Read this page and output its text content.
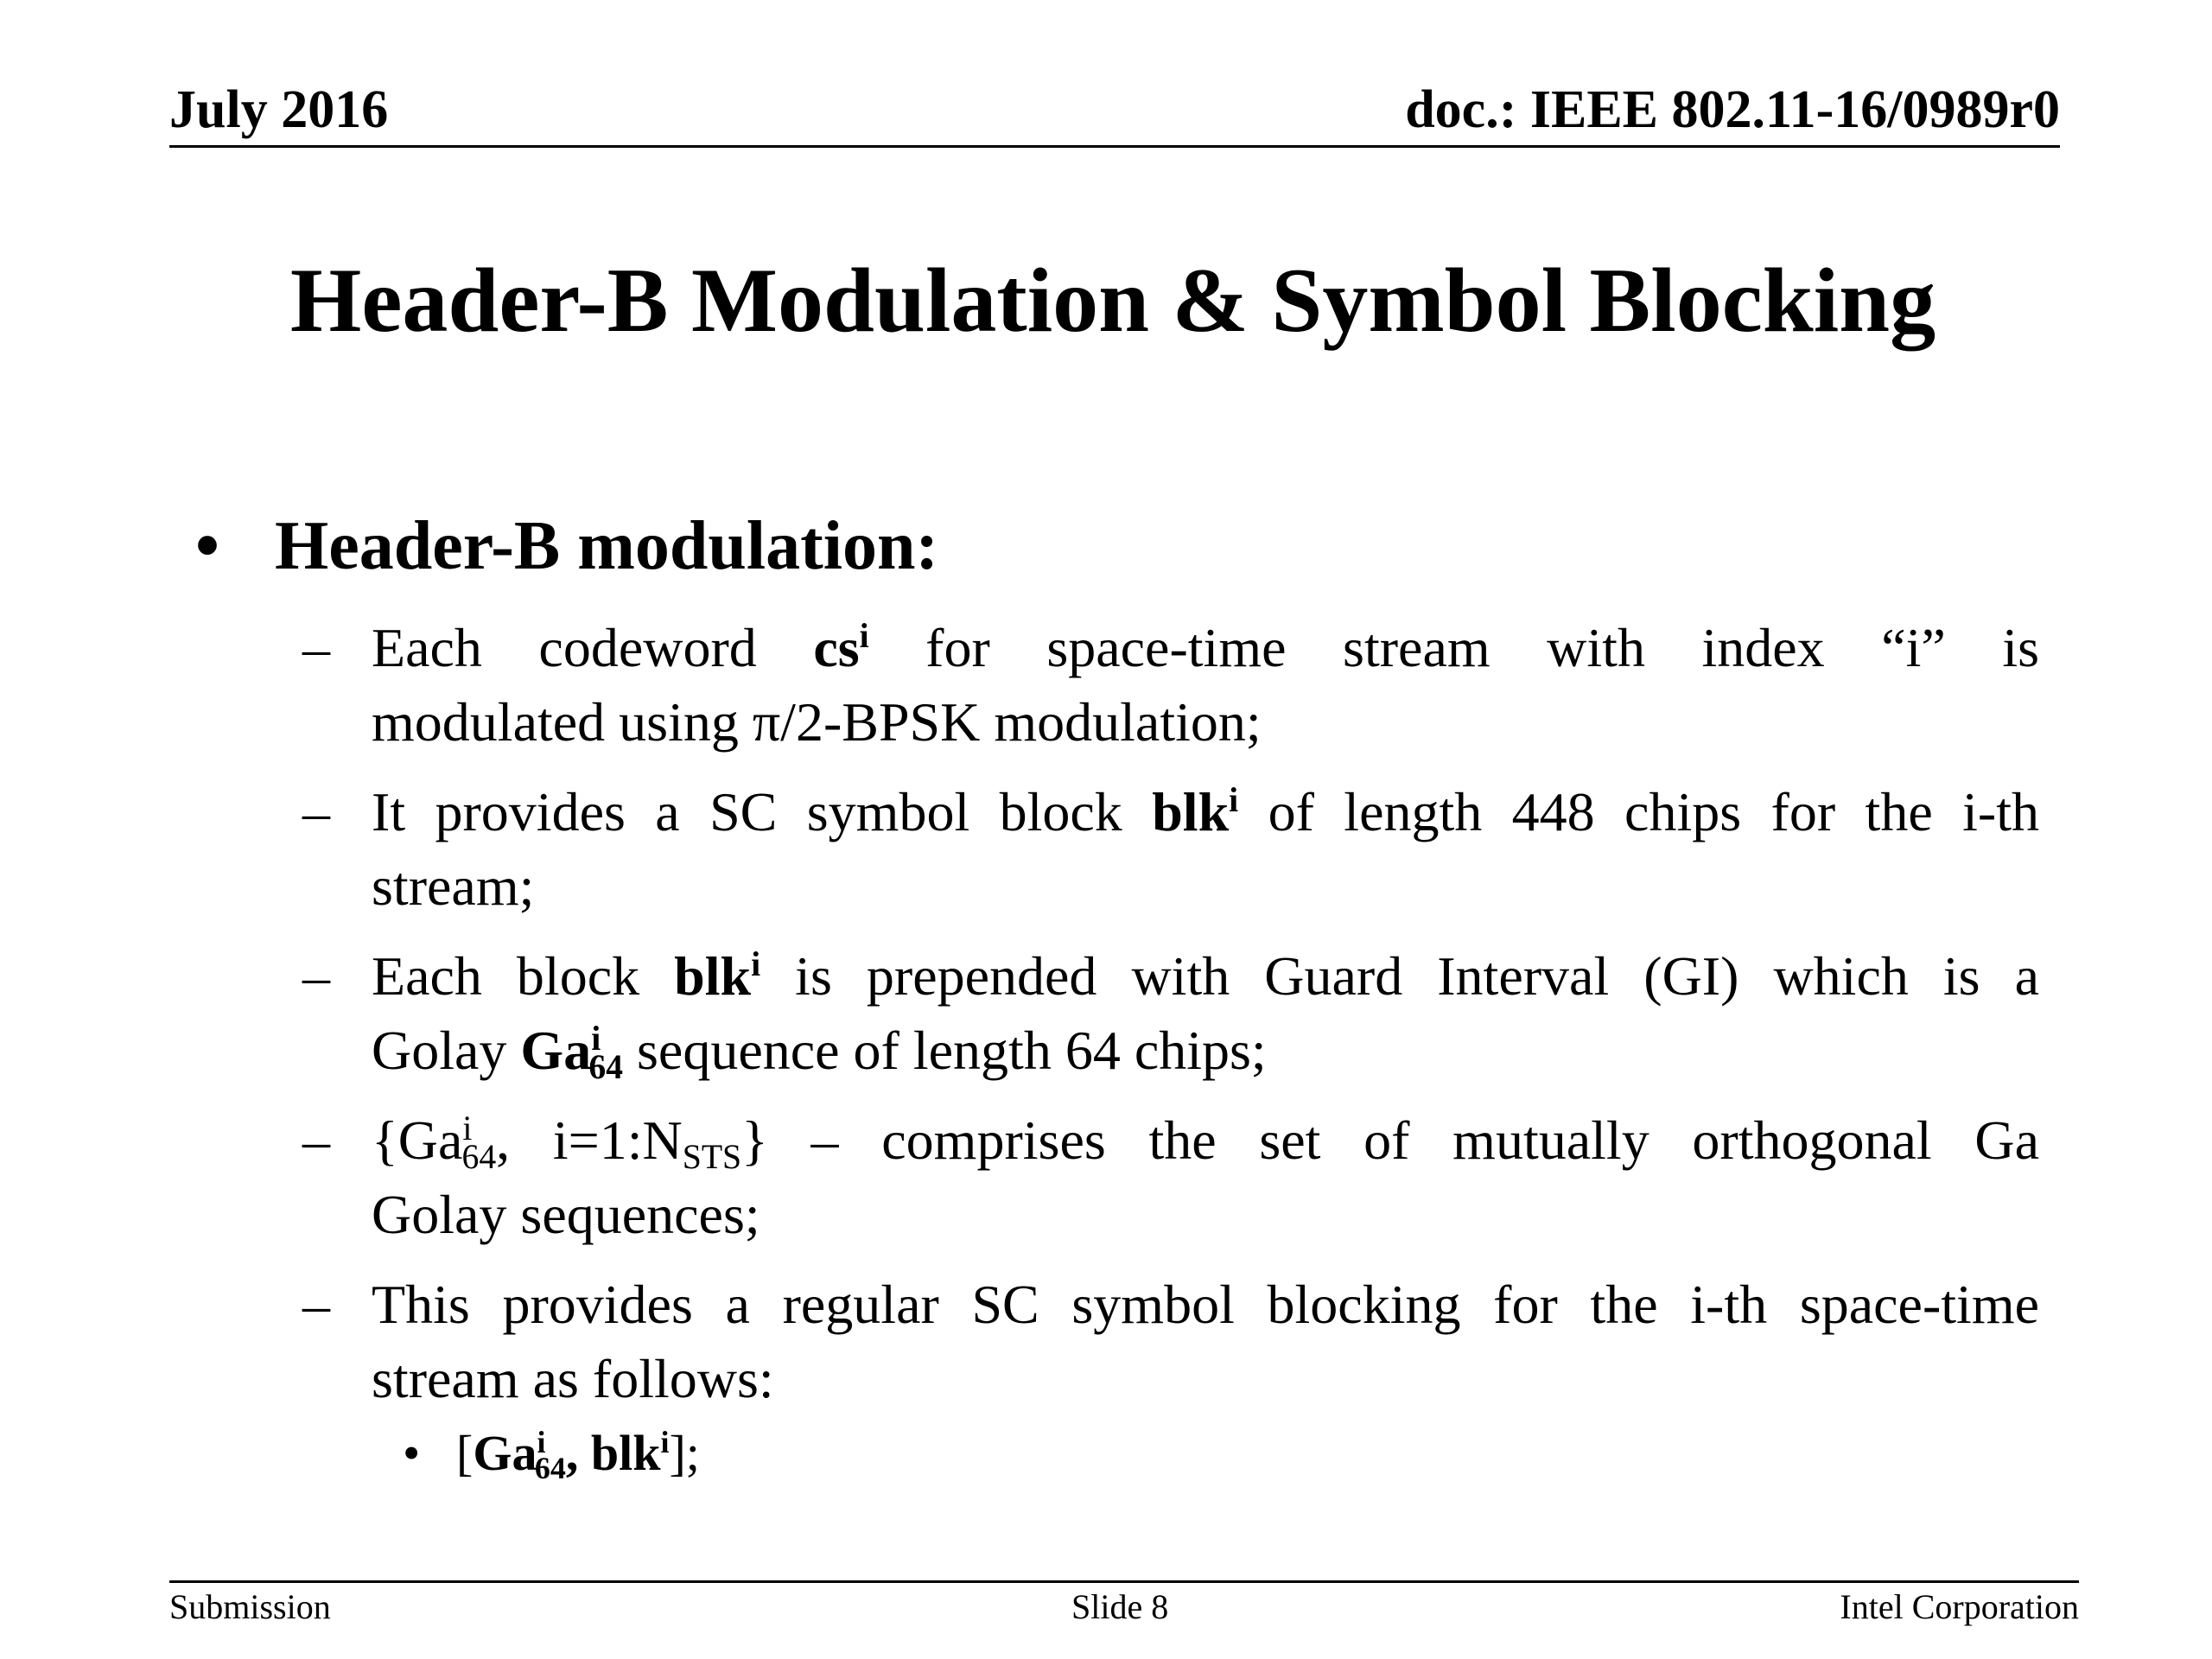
July 2016	doc.: IEEE 802.11-16/0989r0
Header-B Modulation & Symbol Blocking
• Header-B modulation:
– Each codeword $cs^i$ for space-time stream with index “i” is
modulated using π/2-BPSK modulation;
– It provides a SC symbol block blk$^i$ of length 448 chips for the i-th
stream;
– Each block blk$^i$ is prepended with Guard Interval (GI) which is a
Golay $Ga^i_{64}$ sequence of length 64 chips;
– {$Ga^i_{64}$, $i=1:N_{STS}$} – comprises the set of mutually orthogonal Ga
Golay sequences;
– This provides a regular SC symbol blocking for the i-th space-time
stream as follows:
• [$Ga^i_{64}$, blk$^i$];
Submission	Slide 8	Intel Corporation
